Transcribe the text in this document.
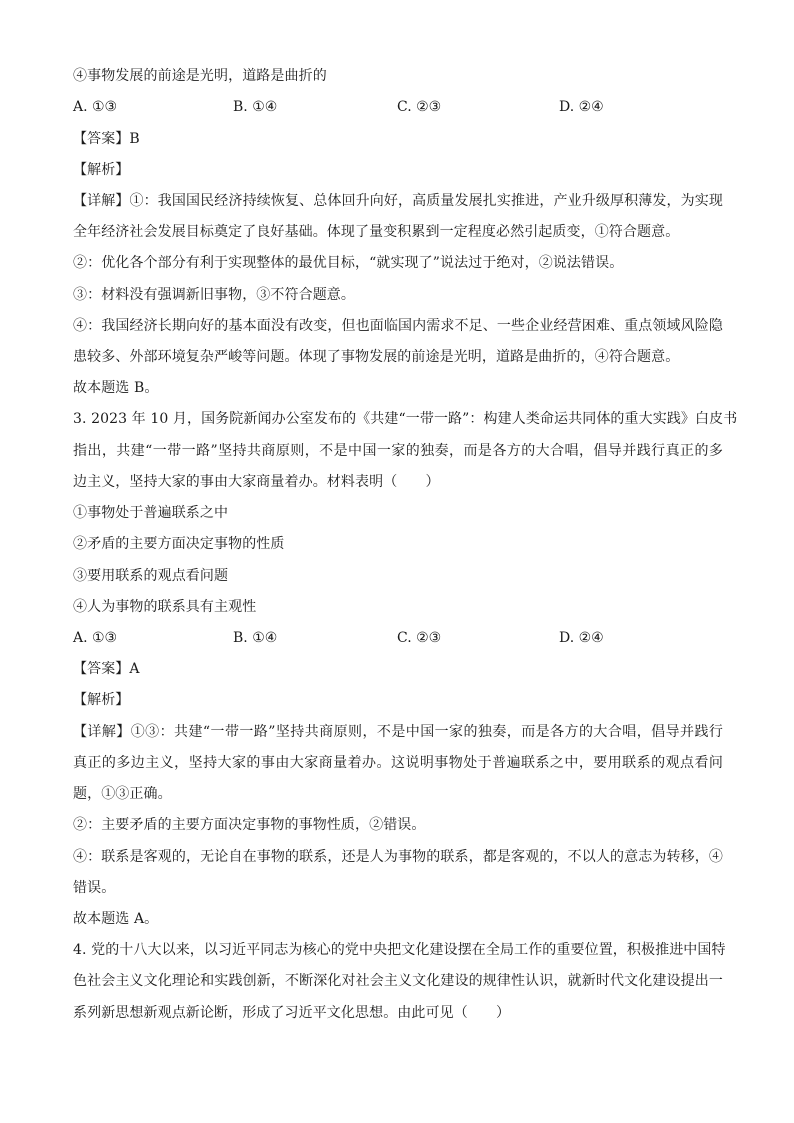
④事物发展的前途是光明，道路是曲折的
A. ①③	B. ①④	C. ②③	D. ②④
【答案】B
【解析】
【详解】①：我国国民经济持续恢复、总体回升向好，高质量发展扎实推进，产业升级厚积薄发，为实现
全年经济社会发展目标奠定了良好基础。体现了量变积累到一定程度必然引起质变，①符合题意。
②：优化各个部分有利于实现整体的最优目标，“就实现了”说法过于绝对，②说法错误。
③：材料没有强调新旧事物，③不符合题意。
④：我国经济长期向好的基本面没有改变，但也面临国内需求不足、一些企业经营困难、重点领域风险隐
患较多、外部环境复杂严峻等问题。体现了事物发展的前途是光明，道路是曲折的，④符合题意。
故本题选 B。
3. 2023 年 10 月，国务院新闻办公室发布的《共建“一带一路”：构建人类命运共同体的重大实践》白皮书
指出，共建“一带一路”坚持共商原则，不是中国一家的独奏，而是各方的大合唱，倡导并践行真正的多
边主义，坚持大家的事由大家商量着办。材料表明（　　）
①事物处于普遍联系之中
②矛盾的主要方面决定事物的性质
③要用联系的观点看问题
④人为事物的联系具有主观性
A. ①③	B. ①④	C. ②③	D. ②④
【答案】A
【解析】
【详解】①③：共建“一带一路”坚持共商原则，不是中国一家的独奏，而是各方的大合唱，倡导并践行
真正的多边主义，坚持大家的事由大家商量着办。这说明事物处于普遍联系之中，要用联系的观点看问
题，①③正确。
②：主要矛盾的主要方面决定事物的事物性质，②错误。
④：联系是客观的，无论自在事物的联系，还是人为事物的联系，都是客观的，不以人的意志为转移，④
错误。
故本题选 A。
4. 党的十八大以来，以习近平同志为核心的党中央把文化建设摆在全局工作的重要位置，积极推进中国特
色社会主义文化理论和实践创新，不断深化对社会主义文化建设的规律性认识，就新时代文化建设提出一
系列新思想新观点新论断，形成了习近平文化思想。由此可见（　　）
